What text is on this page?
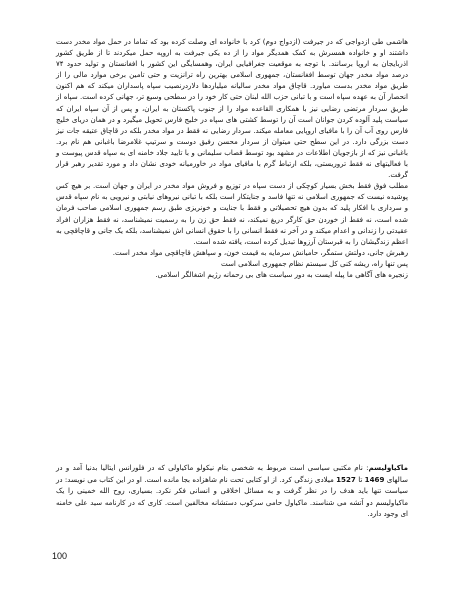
هاشمی طی ازدواجی که در جیرفت (ازدواج دوم) کرد با خانواده ای وصلت کرده بود که تماما در حمل مواد مخدر دست داشتند او و خانواده همسرش به کمک همدیگر مواد را از ده یکی جیرفت به اروپه حمل میکردند تا از طریق کشور اذربایجان به اروپا برسانند. با توجه به موقعیت جغرافیایی ایران، وهمسایگی این کشور با افغانستان و تولید حدود ۷۴ درصد مواد مخدر جهان توسط افغانستان، جمهوری اسلامی بهترین راه ترانزیت و حتی تامین برخی موارد مالی را از طریق مواد مخدر بدست میاورد. قاچاق مواد مخدر سالیانه میلیاردها دلاردرنصیب سپاه پاسداران میکند که هم اکنون انحصار آن به عهده سپاه است و با تبانی حزب الله لبنان حتی کار خود را در سطحی وسیع تر، جهانی کرده است. سپاه از طریق سردار مرتضی رضایی نیز با همکاری القاعده مواد را از جنوب پاکستان به ایران، و پس از آن سپاه ایران که سیاست پلید آلوده کردن جوانان است آن را توسط کشتی های سپاه در خلیج فارس تحویل میگیرد و در همان دریای خلیج فارس روی آب آن را با مافیای اروپایی معامله میکند. سردار رضایی نه فقط در مواد مخدر بلکه در قاچاق عتیقه جات نیز دست بزرگی دارد. در این سطح حتی میتوان از سردار محسن رفیق دوست و سرتیپ غلامرضا باغبانی هم نام برد. باغبانی نیز که از بازجویان اطلاعات در مشهد بود توسط قصاب سلیمانی و با تایید جلاد خامنه ای به سپاه قدس پیوست و با فعالیتهای نه فقط تروریستی، بلکه ارتباط گرم با مافیای مواد در خاورمیانه خودی نشان داد و مورد تقدیر رهبر قرار گرفت.

مطلب فوق فقط بخش بسیار کوچکی از دست سپاه در توزیع و فروش مواد مخدر در ایران و جهان است. بر هیچ کس پوشیده نیست که جمهوری اسلامی نه تنها فاسد و جنایتکار است بلکه با تبانی نیروهای نیابتی و نیرویی به نام سپاه قدس و سرداری با افکار پلید که بدون هیچ تحصیلاتی و فقط با جنایت و خونریزی طبق رسم جمهوری اسلامی صاحب فرمان شده است، نه فقط از خوردن حق کارگر دریغ نمیکند، نه فقط حق زن را به رسمیت نمیشناسد، نه فقط هزاران افراد عقیدتی را زندانی و اعدام میکند و در آخر نه فقط انسانی را با حقوق انسانی اش نمیشناسد، بلکه یک جانی و قاچاقچی به اعظم زندگیشان را به قبرستان آرزوها تبدیل کرده است، یافته شده است.

رهبرش جانی، دولتش ستمگر، حامیانش سرمایه به قیمت خون، و سپاهش قاچاقچی مواد مخدر است.

پس تنها راه، ریشه کنی کل سیستم نظام جمهوری اسلامی است

زنجیره های آگاهی ما پیله ایست به دور سیاست های بی رحمانه رژیم اشغالگر اسلامی.

ماکیاولیسم: نام مکتبی سیاسی است مربوط به شخصی بنام نیکولو ماکیاولی که در فلورانس ایتالیا بدنیا آمد و در سالهای 1469 تا 1527 میلادی زندگی کرد. از او کتابی تحت نام شاهزاده بجا مانده است. او در این کتاب می نویسد: در سیاست تنها باید هدف را در نظر گرفت و به مسائل اخلاقی و انسانی فکر نکرد. بسیاری، روح الله خمینی را یک ماکیاولیسم دو آتشه می شناسند. ماکیاول حامی سرکوب دستشانه مخالفین است. کاری که در کارنامه سید علی خامنه ای وجود دارد.
100
